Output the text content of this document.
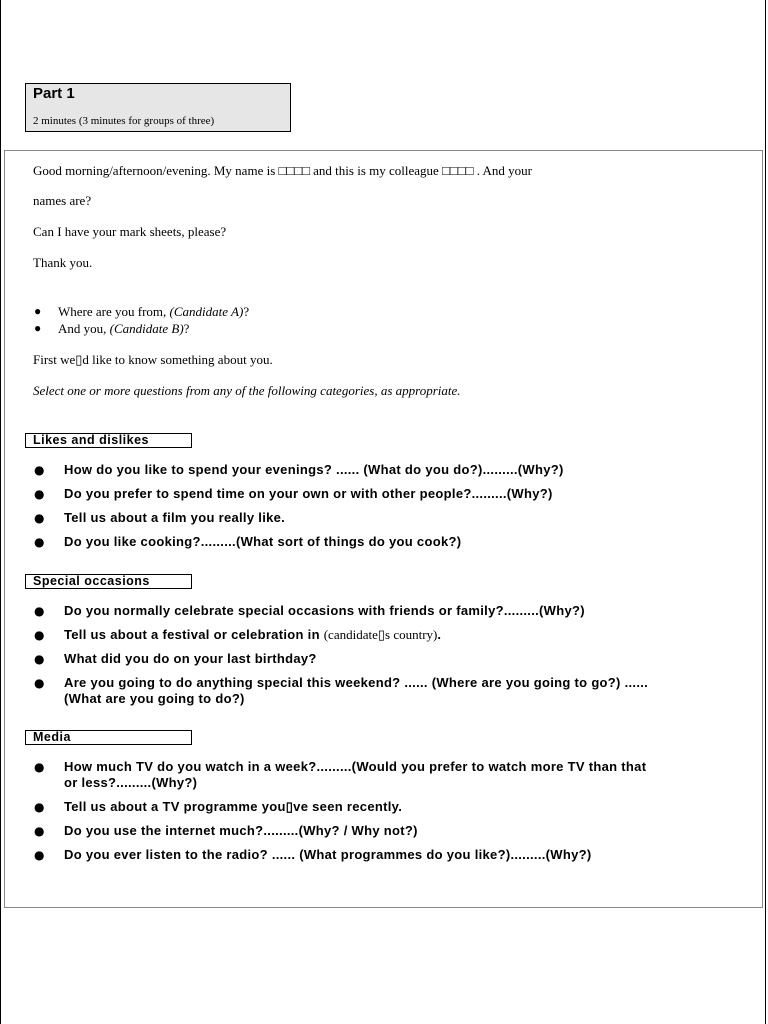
Part 1
2 minutes (3 minutes for groups of three)
Good morning/afternoon/evening. My name is □□□□ and this is my colleague □□□□ . And your
names are?
Can I have your mark sheets, please?
Thank you.
● Where are you from, (Candidate A)?
● And you, (Candidate B)?
First we▯d like to know something about you.
Select one or more questions from any of the following categories, as appropriate.
Likes and dislikes
● How do you like to spend your evenings? ...... (What do you do?).........(Why?)
● Do you prefer to spend time on your own or with other people?.........(Why?)
● Tell us about a film you really like.
● Do you like cooking?.........(What sort of things do you cook?)
Special occasions
● Do you normally celebrate special occasions with friends or family?.........(Why?)
● Tell us about a festival or celebration in (candidate▯s country).
● What did you do on your last birthday?
● Are you going to do anything special this weekend? ...... (Where are you going to go?) ......
(What are you going to do?)
Media
● How much TV do you watch in a week?.........(Would you prefer to watch more TV than that
or less?.........(Why?)
● Tell us about a TV programme you▯ve seen recently.
● Do you use the internet much?.........(Why? / Why not?)
● Do you ever listen to the radio? ...... (What programmes do you like?).........(Why?)
